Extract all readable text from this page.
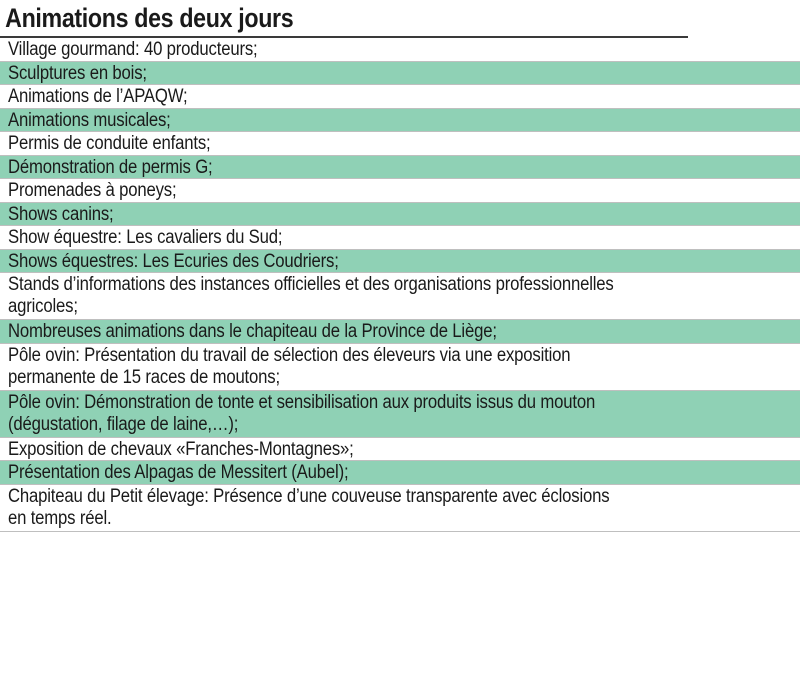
Animations des deux jours
Village gourmand: 40 producteurs;
Sculptures en bois;
Animations de l’APAQW;
Animations musicales;
Permis de conduite enfants;
Démonstration de permis G;
Promenades à poneys;
Shows canins;
Show équestre: Les cavaliers du Sud;
Shows équestres: Les Ecuries des Coudriers;
Stands d’informations des instances officielles et des organisations professionnelles
agricoles;
Nombreuses animations dans le chapiteau de la Province de Liège;
Pôle ovin: Présentation du travail de sélection des éleveurs via une exposition
permanente de 15 races de moutons;
Pôle ovin: Démonstration de tonte et sensibilisation aux produits issus du mouton
(dégustation, filage de laine,…);
Exposition de chevaux «Franches-Montagnes»;
Présentation des Alpagas de Messitert (Aubel);
Chapiteau du Petit élevage: Présence d’une couveuse transparente avec éclosions
en temps réel.
